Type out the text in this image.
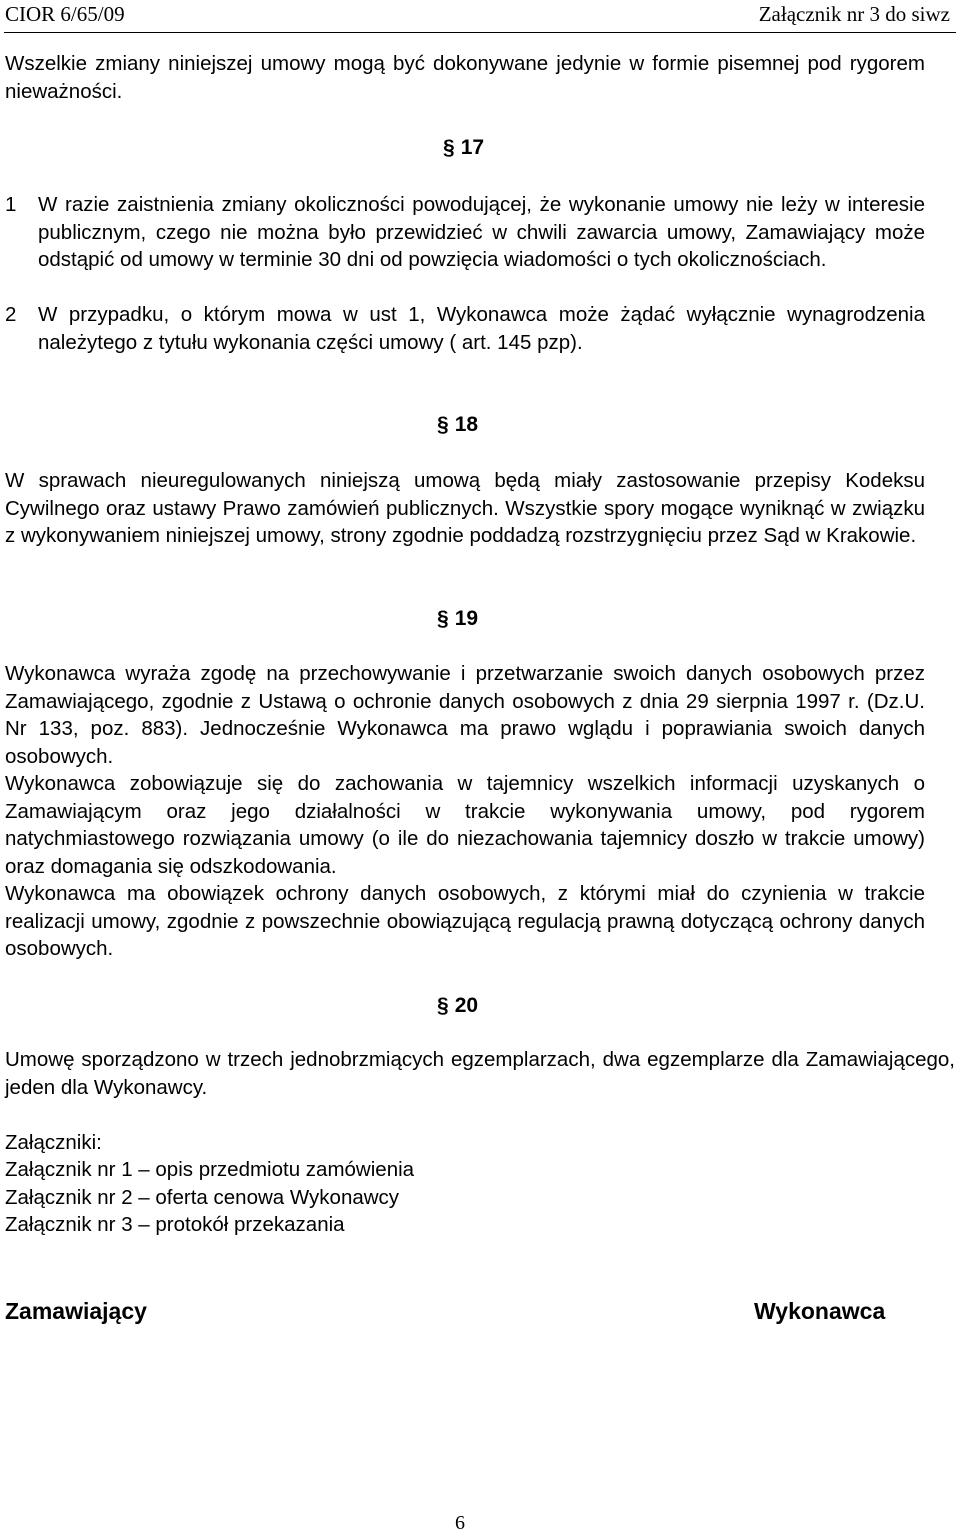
CIOR 6/65/09	Załącznik nr 3 do siwz

Wszelkie zmiany niniejszej umowy mogą być dokonywane jedynie w formie pisemnej pod rygorem nieważności.

§ 17
1 W razie zaistnienia zmiany okoliczności powodującej, że wykonanie umowy nie leży w interesie publicznym, czego nie można było przewidzieć w chwili zawarcia umowy, Zamawiający może odstąpić od umowy w terminie 30 dni od powzięcia wiadomości o tych okolicznościach.

2 W przypadku, o którym mowa w ust 1, Wykonawca może żądać wyłącznie wynagrodzenia należytego z tytułu wykonania części umowy ( art. 145 pzp).

§ 18

W sprawach nieuregulowanych niniejszą umową będą miały zastosowanie przepisy Kodeksu Cywilnego oraz ustawy Prawo zamówień publicznych. Wszystkie spory mogące wyniknąć w związku z wykonywaniem niniejszej umowy, strony zgodnie poddadzą rozstrzygnięciu przez Sąd w Krakowie.

§ 19

Wykonawca wyraża zgodę na przechowywanie i przetwarzanie swoich danych osobowych przez Zamawiającego, zgodnie z Ustawą o ochronie danych osobowych z dnia 29 sierpnia 1997 r. (Dz.U. Nr 133, poz. 883). Jednocześnie Wykonawca ma prawo wglądu i poprawiania swoich danych osobowych.

Wykonawca zobowiązuje się do zachowania w tajemnicy wszelkich informacji uzyskanych o Zamawiającym oraz jego działalności w trakcie wykonywania umowy, pod rygorem natychmiastowego rozwiązania umowy (o ile do niezachowania tajemnicy doszło w trakcie umowy) oraz domagania się odszkodowania.

Wykonawca ma obowiązek ochrony danych osobowych, z którymi miał do czynienia w trakcie realizacji umowy, zgodnie z powszechnie obowiązującą regulacją prawną dotyczącą ochrony danych osobowych.

§ 20

Umowę sporządzono w trzech jednobrzmiących egzemplarzach, dwa egzemplarze dla Zamawiającego, jeden dla Wykonawcy.

Załączniki:
Załącznik nr 1 – opis przedmiotu zamówienia
Załącznik nr 2 – oferta cenowa Wykonawcy
Załącznik nr 3 – protokół przekazania
Zamawiający	Wykonawca
6
